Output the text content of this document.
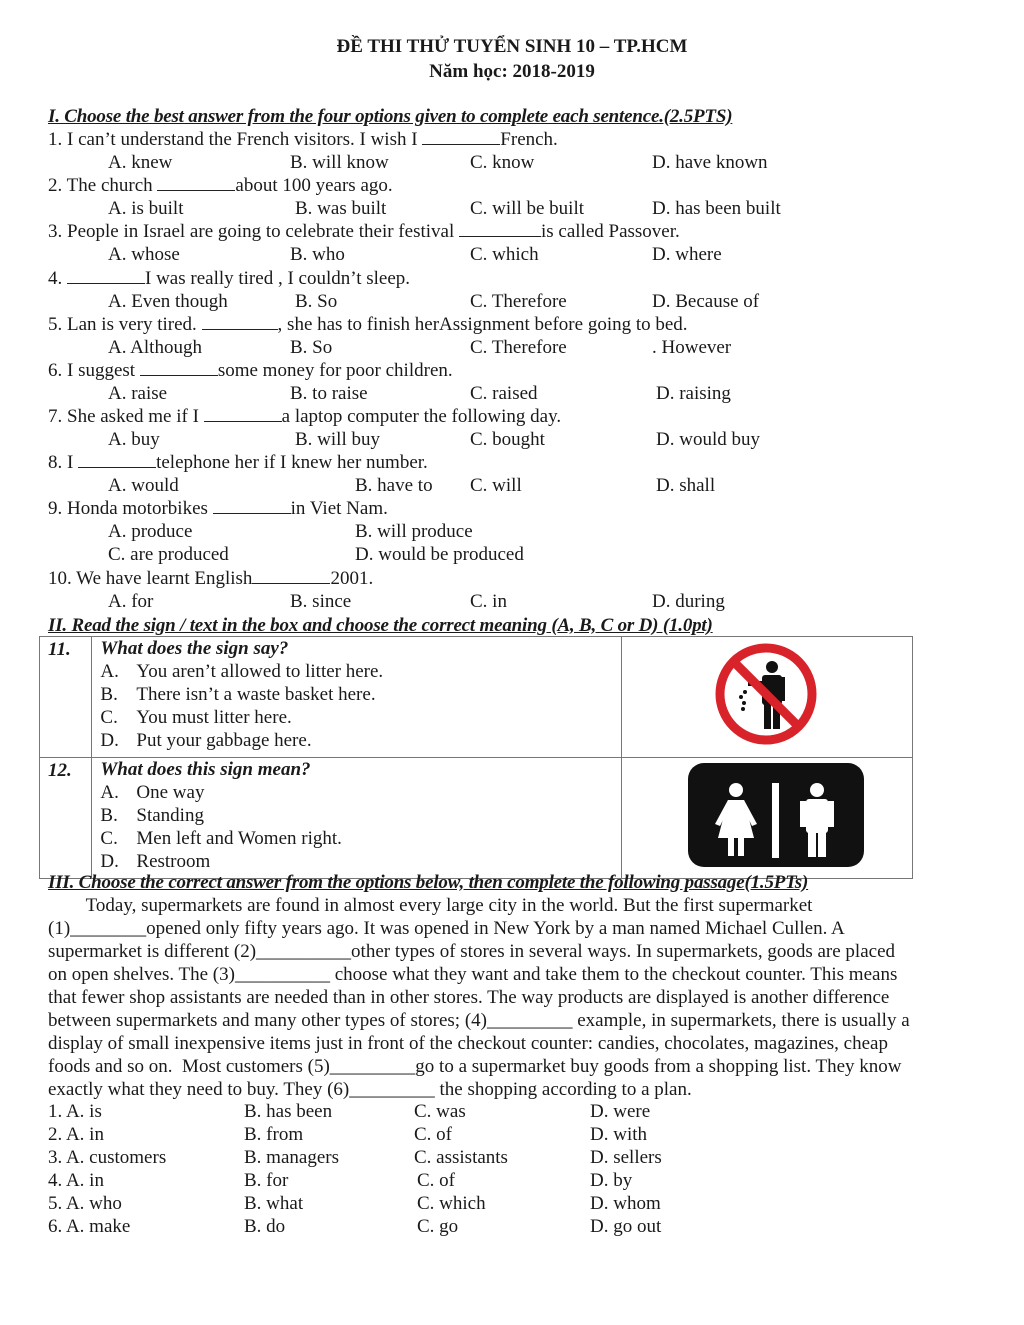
ĐỀ THI THỬ TUYỂN SINH 10 – TP.HCM
Năm học: 2018-2019
I. Choose the best answer from the four options given to complete each sentence.(2.5PTS)
1. I can’t understand the French visitors. I wish I	French.
A. knew	B. will know	C. know	D. have known
2. The church	about 100 years ago.
A. is built	B. was built	C. will be built	D. has been built
3. People in Israel are going to celebrate their festival	is called Passover.
A. whose	B. who	C. which	D. where
4.	I was really tired , I couldn’t sleep.
A. Even though	B. So	C. Therefore	D. Because of
5. Lan is very tired.	, she has to finish herAssignment before going to bed.
A. Although	B. So	C. Therefore	. However
6. I suggest	some money for poor children.
A. raise	B. to raise	C. raised	D. raising
7. She asked me if I	a laptop computer the following day.
A. buy	B. will buy	C. bought	D. would buy
8. I	telephone her if I knew her number.
A. would	B. have to C. will	D. shall
9. Honda motorbikes	in Viet Nam.
A. produce	B. will produce
C. are produced	D. would be produced
10. We have learnt English	2001.
A. for	B. since	C. in	D. during
II. Read the sign / text in the box and choose the correct meaning (A, B, C or D) (1.0pt)
11.	What does the sign say?
A. You aren’t allowed to litter here.
B. There isn’t a waste basket here.
C. You must litter here.
D. Put your gabbage here.

12.	What does this sign mean?
A. One way
B. Standing
C. Men left and Women right.
D. Restroom

III. Choose the correct answer from the options below, then complete the following passage(1.5PTs)
Today, supermarkets are found in almost every large city in the world. But the first supermarket
(1)________opened only fifty years ago. It was opened in New York by a man named Michael Cullen. A
supermarket is different (2)__________other types of stores in several ways. In supermarkets, goods are placed
on open shelves. The (3)__________ choose what they want and take them to the checkout counter. This means
that fewer shop assistants are needed than in other stores. The way products are displayed is another difference
between supermarkets and many other types of stores; (4)_________ example, in supermarkets, there is usually a
display of small inexpensive items just in front of the checkout counter: candies, chocolates, magazines, cheap
foods and so on.  Most customers (5)_________go to a supermarket buy goods from a shopping list. They know
exactly what they need to buy. They (6)_________ the shopping according to a plan.
1. A. is	B. has been	C. was	D. were
2. A. in	B. from	C. of	D. with
3. A. customers	B. managers	C. assistants	D. sellers
4. A. in	B. for	C. of	D. by
5. A. who	B. what	C. which	D. whom
6. A. make	B. do	C. go	D. go out
